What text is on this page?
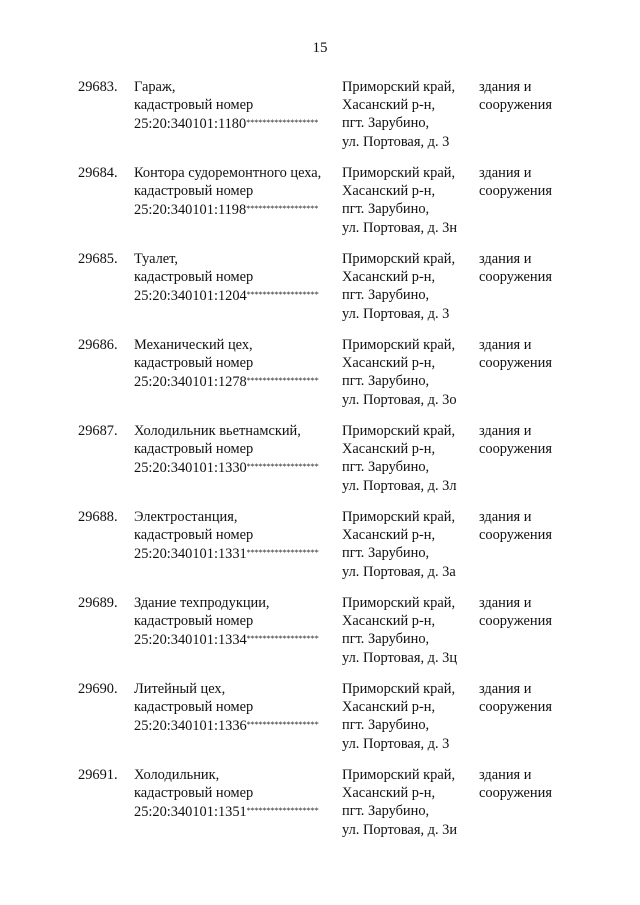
15
29683. Гараж,
кадастровый номер
25:20:340101:1180******************
Приморский край,
Хасанский р-н,
пгт. Зарубино,
ул. Портовая, д. 3
здания и
сооружения
29684. Контора судоремонтного цеха,
кадастровый номер
25:20:340101:1198******************
Приморский край,
Хасанский р-н,
пгт. Зарубино,
ул. Портовая, д. 3н
здания и
сооружения
29685. Туалет,
кадастровый номер
25:20:340101:1204******************
Приморский край,
Хасанский р-н,
пгт. Зарубино,
ул. Портовая, д. 3
здания и
сооружения
29686. Механический цех,
кадастровый номер
25:20:340101:1278******************
Приморский край,
Хасанский р-н,
пгт. Зарубино,
ул. Портовая, д. 3о
здания и
сооружения
29687. Холодильник вьетнамский,
кадастровый номер
25:20:340101:1330******************
Приморский край,
Хасанский р-н,
пгт. Зарубино,
ул. Портовая, д. 3л
здания и
сооружения
29688. Электростанция,
кадастровый номер
25:20:340101:1331******************
Приморский край,
Хасанский р-н,
пгт. Зарубино,
ул. Портовая, д. 3а
здания и
сооружения
29689. Здание техпродукции,
кадастровый номер
25:20:340101:1334******************
Приморский край,
Хасанский р-н,
пгт. Зарубино,
ул. Портовая, д. 3ц
здания и
сооружения
29690. Литейный цех,
кадастровый номер
25:20:340101:1336******************
Приморский край,
Хасанский р-н,
пгт. Зарубино,
ул. Портовая, д. 3
здания и
сооружения
29691. Холодильник,
кадастровый номер
25:20:340101:1351******************
Приморский край,
Хасанский р-н,
пгт. Зарубино,
ул. Портовая, д. 3и
здания и
сооружения
